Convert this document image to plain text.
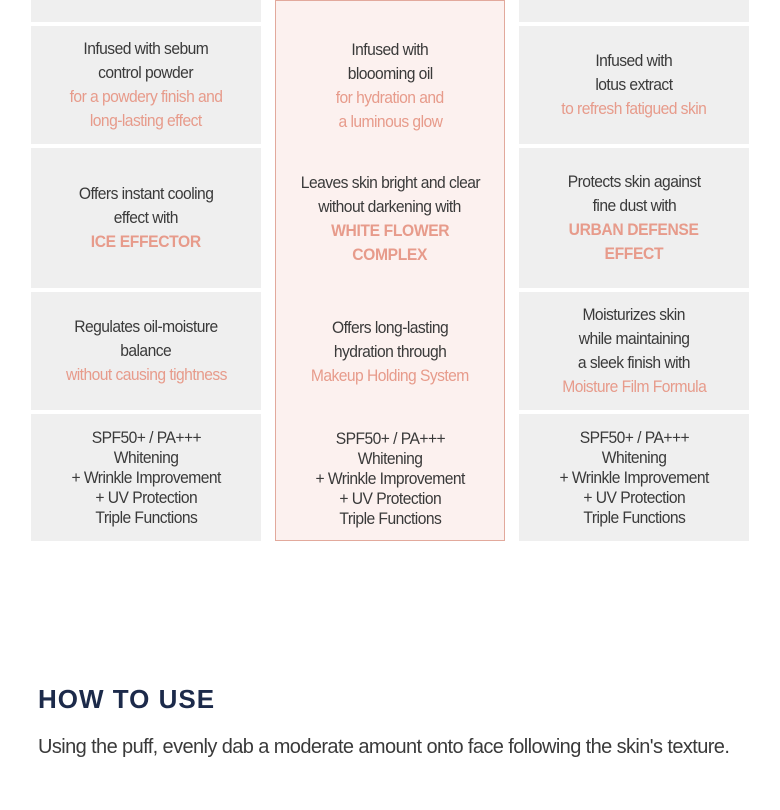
Infused with sebum
control powder
for a powdery finish and
long-lasting effect
Offers instant cooling
effect with
ICE EFFECTOR
Regulates oil-moisture
balance
without causing tightness
SPF50+ / PA+++
Whitening
+ Wrinkle Improvement
+ UV Protection
Triple Functions
Infused with
bloooming oil
for hydration and
a luminous glow
Leaves skin bright and clear
without darkening with
WHITE FLOWER
COMPLEX
Offers long-lasting
hydration through
Makeup Holding System
SPF50+ / PA+++
Whitening
+ Wrinkle Improvement
+ UV Protection
Triple Functions
Infused with
lotus extract
to refresh fatigued skin
Protects skin against
fine dust with
URBAN DEFENSE
EFFECT
Moisturizes skin
while maintaining
a sleek finish with
Moisture Film Formula
SPF50+ / PA+++
Whitening
+ Wrinkle Improvement
+ UV Protection
Triple Functions
HOW TO USE
Using the puff, evenly dab a moderate amount onto face following the skin's texture.
